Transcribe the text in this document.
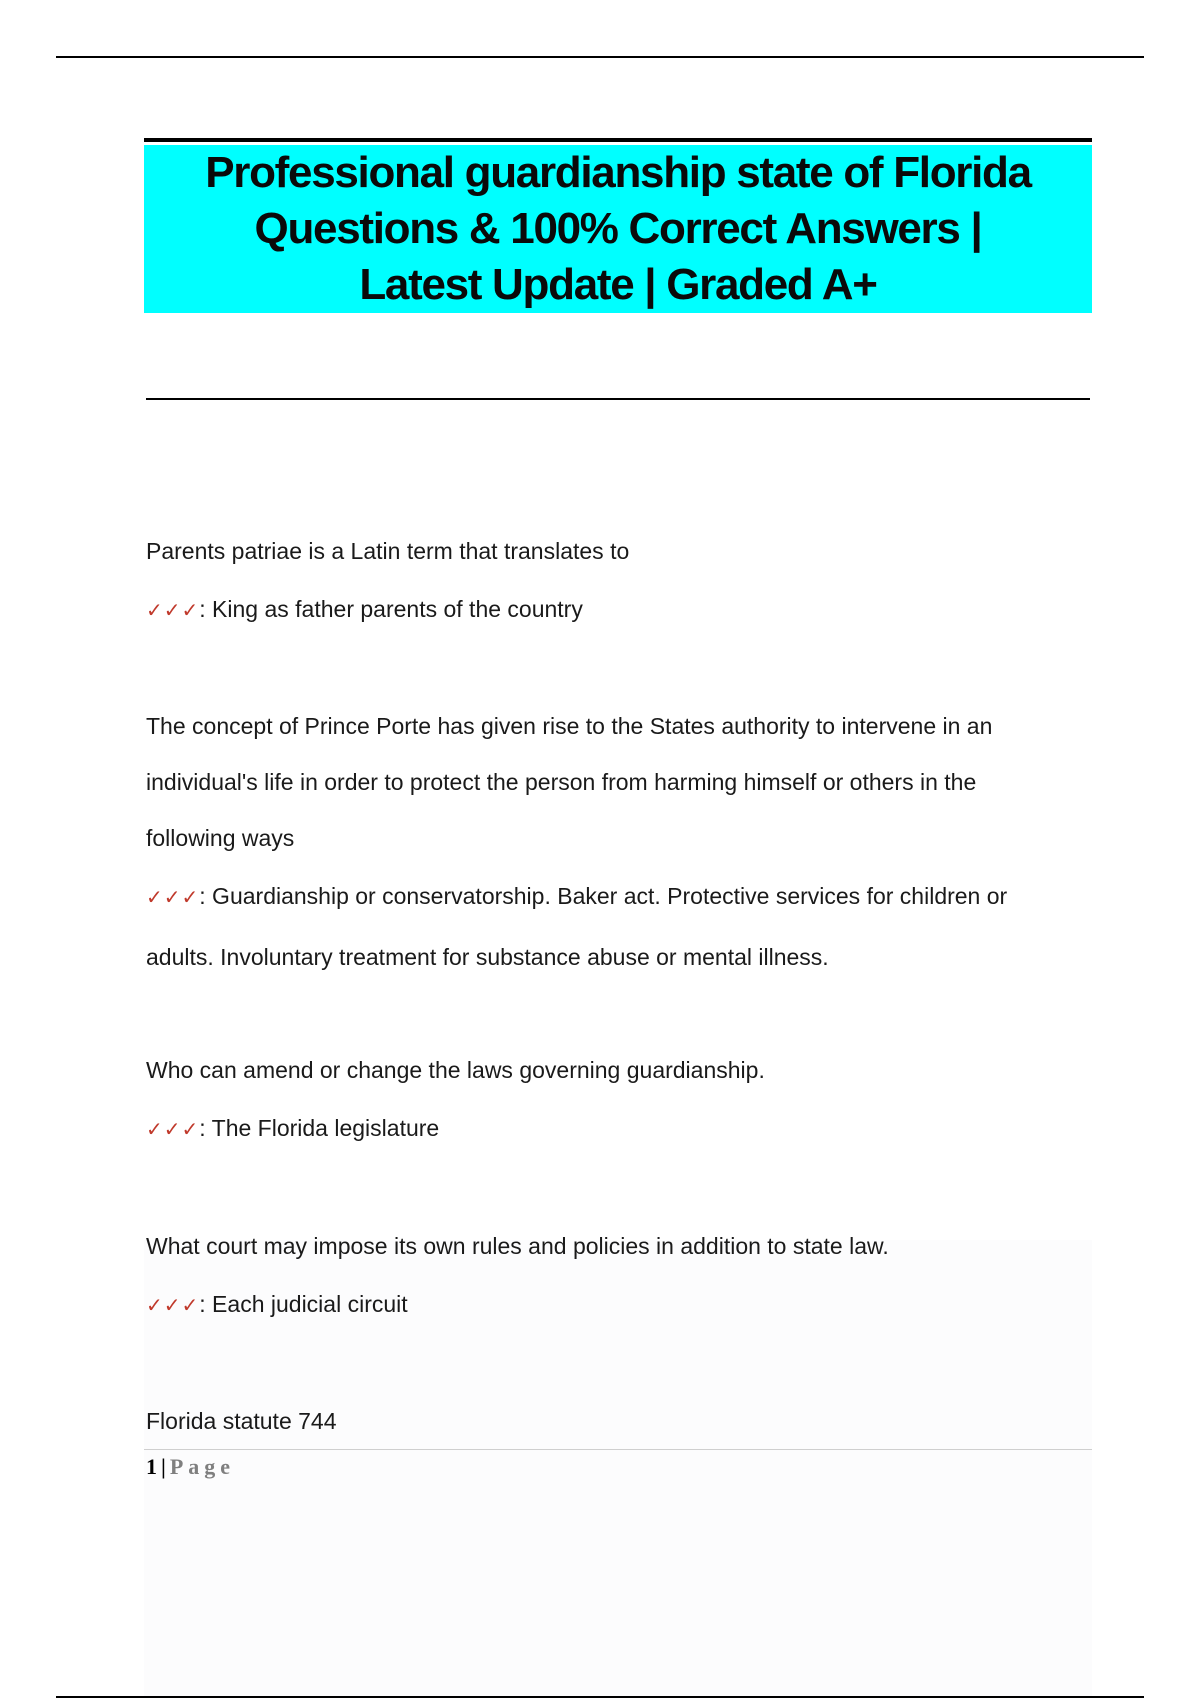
Professional guardianship state of Florida
Questions & 100% Correct Answers |
Latest Update | Graded A+

Parents patriae is a Latin term that translates to

✓✓✓: King as father parents of the country

The concept of Prince Porte has given rise to the States authority to intervene in an

individual's life in order to protect the person from harming himself or others in the

following ways

✓✓✓: Guardianship or conservatorship. Baker act. Protective services for children or

adults. Involuntary treatment for substance abuse or mental illness.

Who can amend or change the laws governing guardianship.

✓✓✓: The Florida legislature

What court may impose its own rules and policies in addition to state law.

✓✓✓: Each judicial circuit

Florida statute 744

1 | Page
